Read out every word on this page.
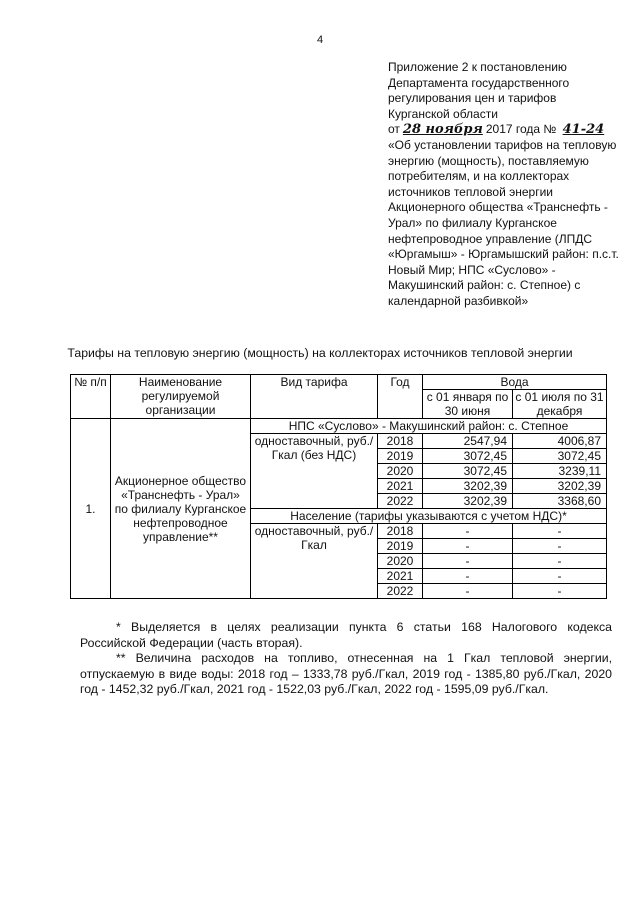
4
Приложение 2 к постановлению
Департамента государственного
регулирования цен и тарифов
Курганской области
от 28 ноября 2017 года № 41-24
«Об установлении тарифов на тепловую энергию (мощность), поставляемую потребителям, и на коллекторах источников тепловой энергии Акционерного общества «Транснефть - Урал» по филиалу Курганское нефтепроводное управление (ЛПДС «Юргамыш» - Юргамышский район: п.с.т. Новый Мир; НПС «Суслово» - Макушинский район: с. Степное) с календарной разбивкой»
Тарифы на тепловую энергию (мощность) на коллекторах источников тепловой энергии
№ п/п	Наименование регулируемой организации	Вид тарифа	Год	Вода	
				с 01 января по 30 июня	с 01 июля по 31 декабря
1.	Акционерное общество «Транснефть - Урал» по филиалу Курганское нефтепроводное управление**	НПС «Суслово» - Макушинский район: с. Степное			
		одноставочный, руб./Гкал (без НДС)	2018	2547,94	4006,87
			2019	3072,45	3072,45
			2020	3072,45	3239,11
			2021	3202,39	3202,39
			2022	3202,39	3368,60
		Население (тарифы указываются с учетом НДС)*			
		одноставочный, руб./Гкал	2018	-	-
			2019	-	-
			2020	-	-
			2021	-	-
			2022	-	-

* Выделяется в целях реализации пункта 6 статьи 168 Налогового кодекса Российской Федерации (часть вторая).

** Величина расходов на топливо, отнесенная на 1 Гкал тепловой энергии, отпускаемую в виде воды: 2018 год – 1333,78 руб./Гкал, 2019 год - 1385,80 руб./Гкал, 2020 год - 1452,32 руб./Гкал, 2021 год - 1522,03 руб./Гкал, 2022 год - 1595,09 руб./Гкал.
